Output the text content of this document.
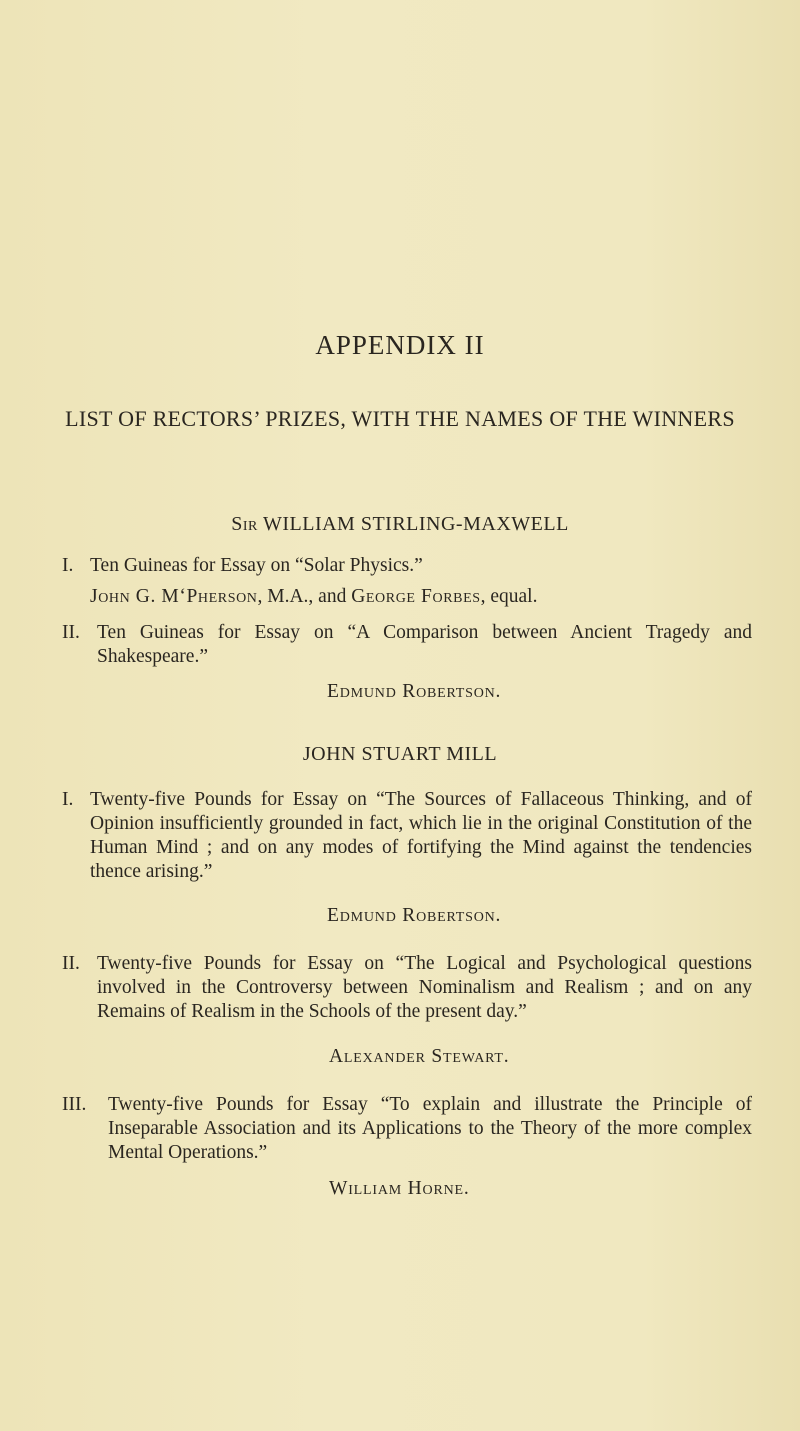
APPENDIX II
LIST OF RECTORS’ PRIZES, WITH THE NAMES OF THE WINNERS
Sir WILLIAM STIRLING-MAXWELL
I. Ten Guineas for Essay on “Solar Physics.”
John G. M‘Pherson, M.A., and George Forbes, equal.
II. Ten Guineas for Essay on “A Comparison between Ancient Tragedy and Shakespeare.”
Edmund Robertson.
JOHN STUART MILL
I. Twenty-five Pounds for Essay on “The Sources of Fallaceous Thinking, and of Opinion insufficiently grounded in fact, which lie in the original Constitution of the Human Mind ; and on any modes of fortifying the Mind against the tendencies thence arising.”
Edmund Robertson.
II. Twenty-five Pounds for Essay on “The Logical and Psychological questions involved in the Controversy between Nominalism and Realism ; and on any Remains of Realism in the Schools of the present day.”
Alexander Stewart.
III. Twenty-five Pounds for Essay “To explain and illustrate the Principle of Inseparable Association and its Applications to the Theory of the more complex Mental Operations.”
William Horne.
